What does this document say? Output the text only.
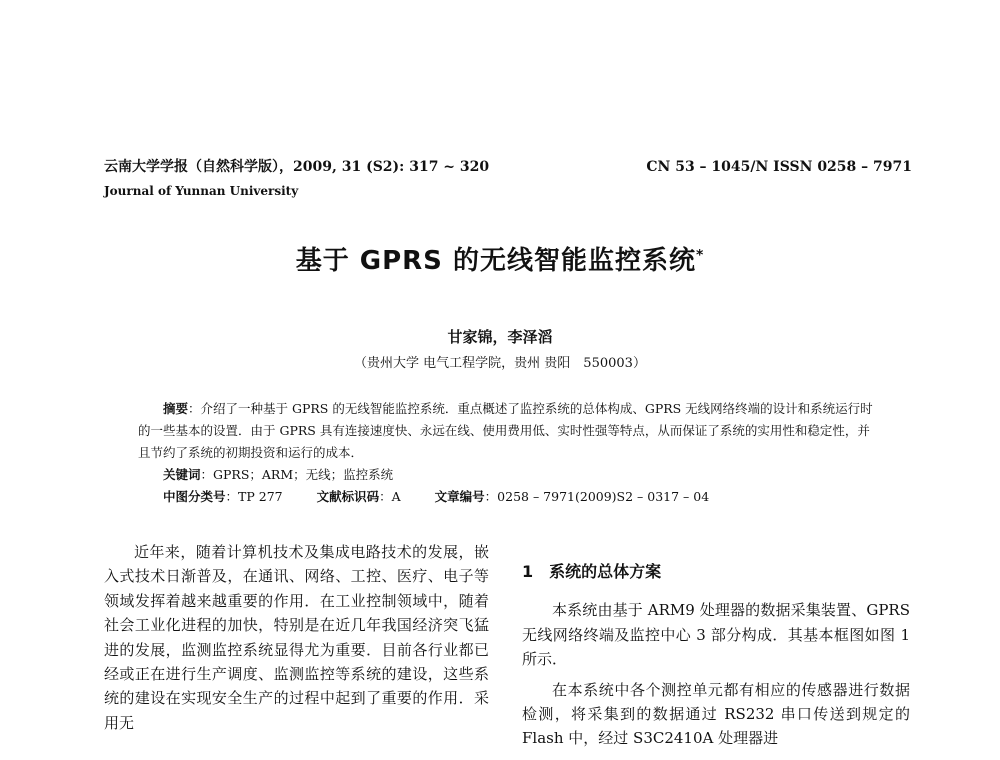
云南大学学报（自然科学版），2009, 31 (S2): 317 ~ 320	CN 53 – 1045/N ISSN 0258 – 7971
Journal of Yunnan University
基于 GPRS 的无线智能监控系统*
甘家锦，李泽滔
（贵州大学 电气工程学院，贵州 贵阳　550003）

摘要：介绍了一种基于 GPRS 的无线智能监控系统．重点概述了监控系统的总体构成、GPRS 无线网络终端的设计和系统运行时的一些基本的设置．由于 GPRS 具有连接速度快、永远在线、使用费用低、实时性强等特点，从而保证了系统的实用性和稳定性，并且节约了系统的初期投资和运行的成本．

关键词：GPRS；ARM；无线；监控系统
中图分类号：TP 277	文献标识码：A	文章编号：0258 – 7971(2009)S2 – 0317 – 04

近年来，随着计算机技术及集成电路技术的发展，嵌入式技术日渐普及，在通讯、网络、工控、医疗、电子等领域发挥着越来越重要的作用．在工业控制领域中，随着社会工业化进程的加快，特别是在近几年我国经济突飞猛进的发展，监测监控系统显得尤为重要．目前各行业都已经或正在进行生产调度、监测监控等系统的建设，这些系统的建设在实现安全生产的过程中起到了重要的作用．采用无

1 系统的总体方案

本系统由基于 ARM9 处理器的数据采集装置、GPRS 无线网络终端及监控中心 3 部分构成．其基本框图如图 1 所示．

在本系统中各个测控单元都有相应的传感器进行数据检测，将采集到的数据通过 RS232 串口传送到规定的 Flash 中，经过 S3C2410A 处理器进
